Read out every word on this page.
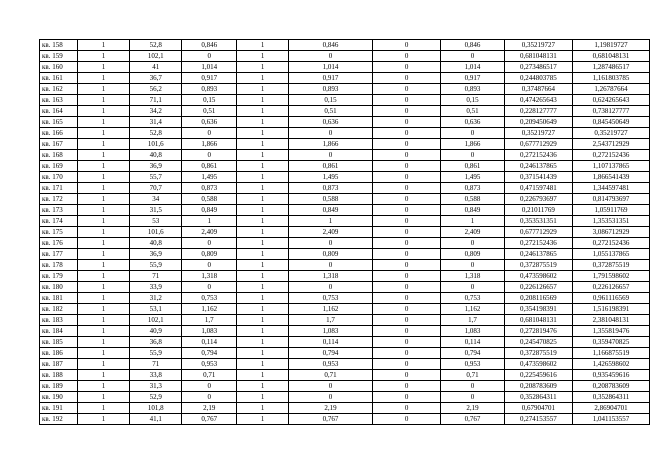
кв. 158	1	52,8	0,846	1	0,846	0	0,846	0,35219727	1,19819727
кв. 159	1	102,1	0	1	0	0	0	0,681048131	0,681048131
кв. 160	1	41	1,014	1	1,014	0	1,014	0,273486517	1,287486517
кв. 161	1	36,7	0,917	1	0,917	0	0,917	0,244803785	1,161803785
кв. 162	1	56,2	0,893	1	0,893	0	0,893	0,37487664	1,26787664
кв. 163	1	71,1	0,15	1	0,15	0	0,15	0,474265643	0,624265643
кв. 164	1	34,2	0,51	1	0,51	0	0,51	0,228127777	0,738127777
кв. 165	1	31,4	0,636	1	0,636	0	0,636	0,209450649	0,845450649
кв. 166	1	52,8	0	1	0	0	0	0,35219727	0,35219727
кв. 167	1	101,6	1,866	1	1,866	0	1,866	0,677712929	2,543712929
кв. 168	1	40,8	0	1	0	0	0	0,272152436	0,272152436
кв. 169	1	36,9	0,861	1	0,861	0	0,861	0,246137865	1,107137865
кв. 170	1	55,7	1,495	1	1,495	0	1,495	0,371541439	1,866541439
кв. 171	1	70,7	0,873	1	0,873	0	0,873	0,471597481	1,344597481
кв. 172	1	34	0,588	1	0,588	0	0,588	0,226793697	0,814793697
кв. 173	1	31,5	0,849	1	0,849	0	0,849	0,21011769	1,05911769
кв. 174	1	53	1	1	1	0	1	0,353531351	1,353531351
кв. 175	1	101,6	2,409	1	2,409	0	2,409	0,677712929	3,086712929
кв. 176	1	40,8	0	1	0	0	0	0,272152436	0,272152436
кв. 177	1	36,9	0,809	1	0,809	0	0,809	0,246137865	1,055137865
кв. 178	1	55,9	0	1	0	0	0	0,372875519	0,372875519
кв. 179	1	71	1,318	1	1,318	0	1,318	0,473598602	1,791598602
кв. 180	1	33,9	0	1	0	0	0	0,226126657	0,226126657
кв. 181	1	31,2	0,753	1	0,753	0	0,753	0,208116569	0,961116569
кв. 182	1	53,1	1,162	1	1,162	0	1,162	0,354198391	1,516198391
кв. 183	1	102,1	1,7	1	1,7	0	1,7	0,681048131	2,381048131
кв. 184	1	40,9	1,083	1	1,083	0	1,083	0,272819476	1,355819476
кв. 185	1	36,8	0,114	1	0,114	0	0,114	0,245470825	0,359470825
кв. 186	1	55,9	0,794	1	0,794	0	0,794	0,372875519	1,166875519
кв. 187	1	71	0,953	1	0,953	0	0,953	0,473598602	1,426598602
кв. 188	1	33,8	0,71	1	0,71	0	0,71	0,225459616	0,935459616
кв. 189	1	31,3	0	1	0	0	0	0,208783609	0,208783609
кв. 190	1	52,9	0	1	0	0	0	0,352864311	0,352864311
кв. 191	1	101,8	2,19	1	2,19	0	2,19	0,67904701	2,86904701
кв. 192	1	41,1	0,767	1	0,767	0	0,767	0,274153557	1,041153557
